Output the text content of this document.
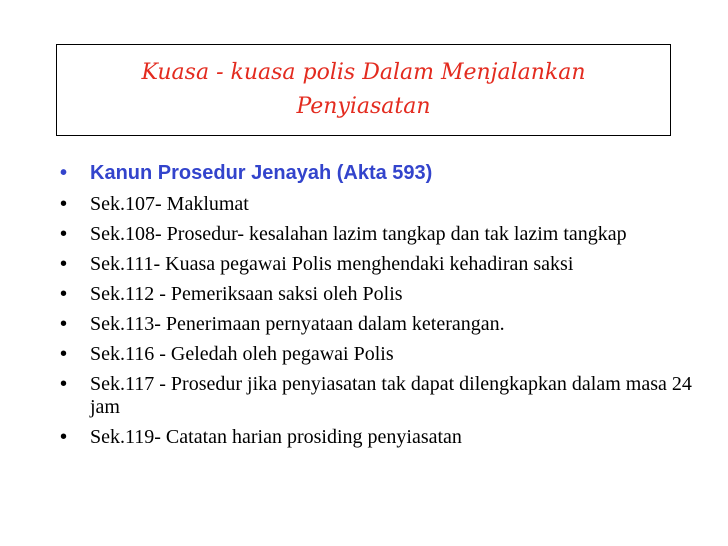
Kuasa - kuasa polis Dalam Menjalankan
Penyiasatan
• Kanun Prosedur Jenayah (Akta 593)
• Sek.107- Maklumat
• Sek.108- Prosedur- kesalahan lazim tangkap dan tak lazim tangkap
• Sek.111- Kuasa pegawai Polis menghendaki kehadiran saksi
• Sek.112 - Pemeriksaan saksi oleh Polis
• Sek.113- Penerimaan pernyataan dalam keterangan.
• Sek.116 - Geledah oleh pegawai Polis
• Sek.117 - Prosedur jika penyiasatan tak dapat dilengkapkan dalam masa 24 jam
• Sek.119- Catatan harian prosiding penyiasatan
